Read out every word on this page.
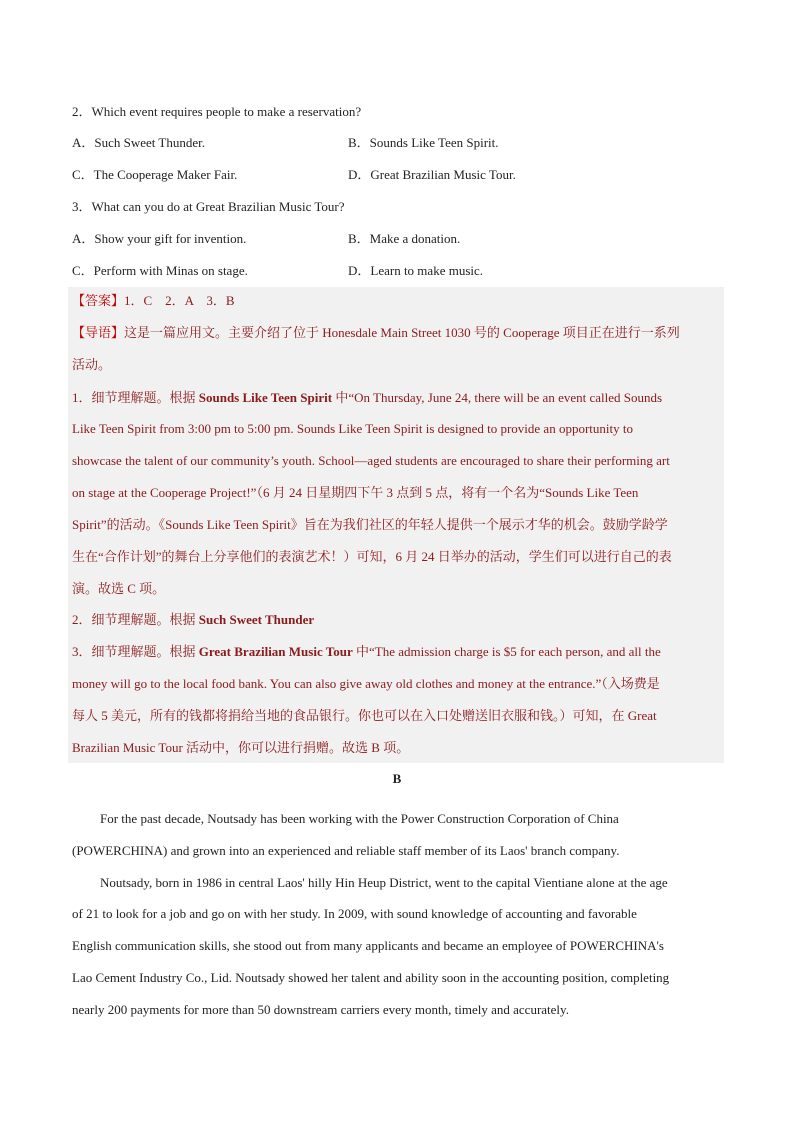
2．Which event requires people to make a reservation?
A．Such Sweet Thunder.	B．Sounds Like Teen Spirit.
C．The Cooperage Maker Fair.	D．Great Brazilian Music Tour.
3．What can you do at Great Brazilian Music Tour?
A．Show your gift for invention.	B．Make a donation.
C．Perform with Minas on stage.	D．Learn to make music.
【答案】1．C　2．A　3．B
【导语】这是一篇应用文。主要介绍了位于 Honesdale Main Street 1030 号的 Cooperage 项目正在进行一系列
活动。
1．细节理解题。根据 Sounds Like Teen Spirit 中“On Thursday, June 24, there will be an event called Sounds
Like Teen Spirit from 3:00 pm to 5:00 pm. Sounds Like Teen Spirit is designed to provide an opportunity to
showcase the talent of our community’s youth. School—aged students are encouraged to share their performing art
on stage at the Cooperage Project!”（6 月 24 日星期四下午 3 点到 5 点，将有一个名为“Sounds Like Teen
Spirit”的活动。《Sounds Like Teen Spirit》旨在为我们社区的年轻人提供一个展示才华的机会。鼓励学龄学
生在“合作计划”的舞台上分享他们的表演艺术！）可知，6 月 24 日举办的活动，学生们可以进行自己的表
演。故选 C 项。
2．细节理解题。根据 Such Sweet Thunder
3．细节理解题。根据 Great Brazilian Music Tour 中“The admission charge is $5 for each person, and all the
money will go to the local food bank. You can also give away old clothes and money at the entrance.”（入场费是
每人 5 美元，所有的钱都将捐给当地的食品银行。你也可以在入口处赠送旧衣服和钱。）可知，在 Great
Brazilian Music Tour 活动中，你可以进行捐赠。故选 B 项。
B
For the past decade, Noutsady has been working with the Power Construction Corporation of China
(POWERCHINA) and grown into an experienced and reliable staff member of its Laos' branch company.
Noutsady, born in 1986 in central Laos' hilly Hin Heup District, went to the capital Vientiane alone at the age
of 21 to look for a job and go on with her study. In 2009, with sound knowledge of accounting and favorable
English communication skills, she stood out from many applicants and became an employee of POWERCHINA's
Lao Cement Industry Co., Lid. Noutsady showed her talent and ability soon in the accounting position, completing
nearly 200 payments for more than 50 downstream carriers every month, timely and accurately.
